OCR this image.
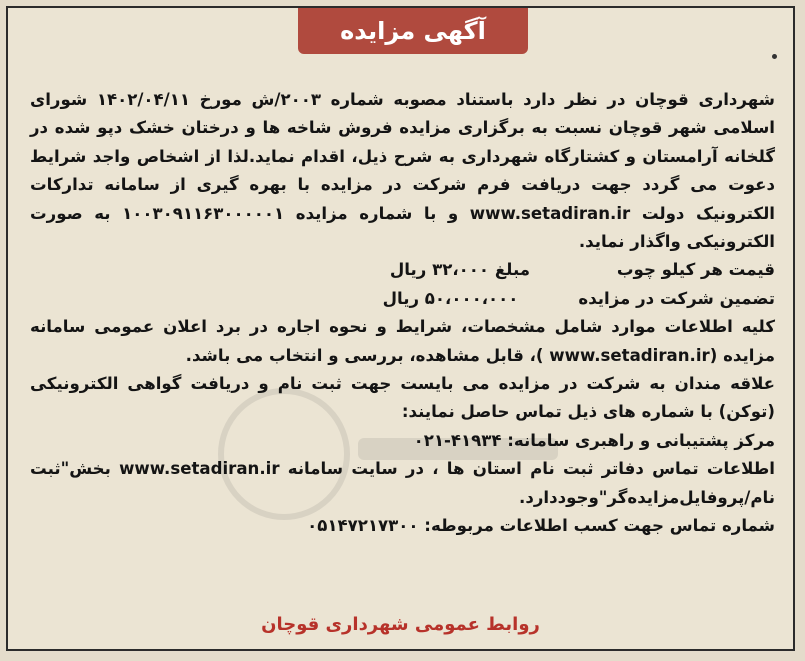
آگهی مزایده

شهرداری قوچان در نظر دارد باستناد مصوبه شماره ۲۰۰۳/ش مورخ ۱۴۰۲/۰۴/۱۱ شورای اسلامی شهر قوچان نسبت به برگزاری مزایده فروش شاخه ها و درختان خشک دپو شده در گلخانه آرامستان و کشتارگاه شهرداری به شرح ذیل، اقدام نماید.لذا از اشخاص واجد شرایط دعوت می گردد جهت دریافت فرم شرکت در مزایده با بهره گیری از سامانه تدارکات الکترونیک دولت www.setadiran.ir و با شماره مزایده ۱۰۰۳۰۹۱۱۶۳۰۰۰۰۰۱ به صورت الکترونیکی واگذار نماید.

قیمت هر کیلو چوب
مبلغ ۳۲،۰۰۰ ریال
تضمین شرکت در مزایده
۵۰،۰۰۰،۰۰۰ ریال

کلیه اطلاعات موارد شامل مشخصات، شرایط و نحوه اجاره در برد اعلان عمومی سامانه مزایده (www.setadiran.ir )، قابل مشاهده، بررسی و انتخاب می باشد.

علاقه مندان به شرکت در مزایده می بایست جهت ثبت نام و دریافت گواهی الکترونیکی (توکن) با شماره های ذیل تماس حاصل نمایند:

مرکز پشتیبانی و راهبری سامانه: ۴۱۹۳۴-۰۲۱

اطلاعات تماس دفاتر ثبت نام استان ها ، در سایت سامانه www.setadiran.ir بخش"ثبت نام/پروفایل‌مزایده‌گر"وجوددارد.

شماره تماس جهت کسب اطلاعات مربوطه: ۰۵۱۴۷۲۱۷۳۰۰

روابط عمومی شهرداری قوچان
